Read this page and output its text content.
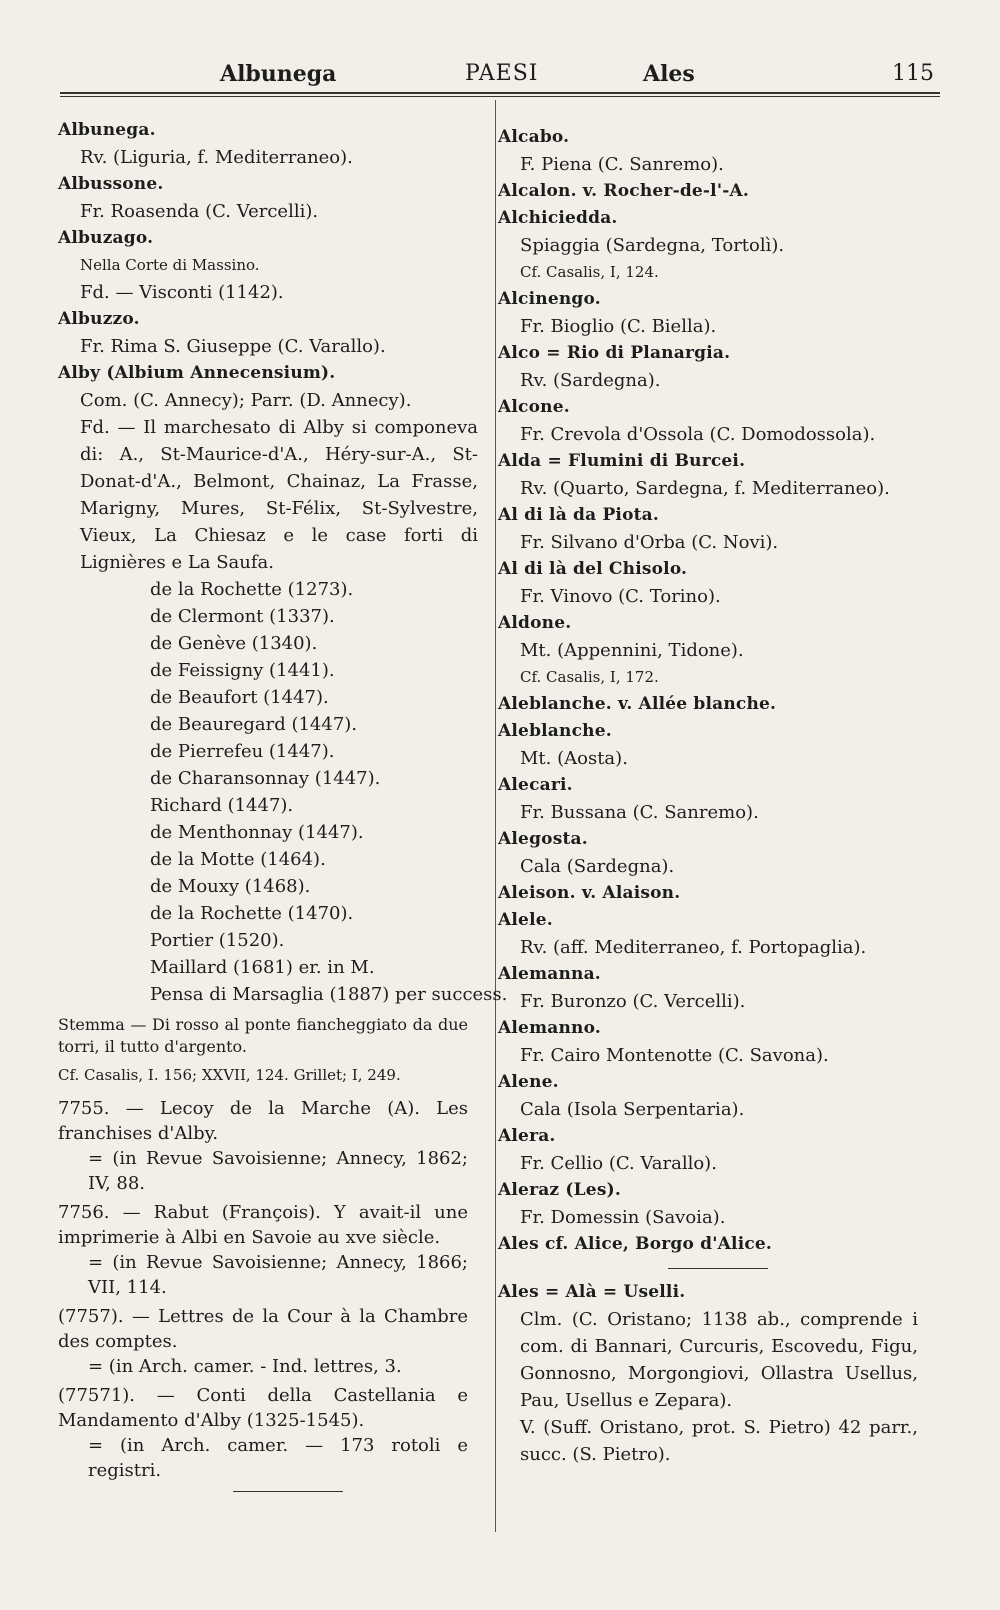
Albunega	PAESI	Ales	115
Albunega.
Rv. (Liguria, f. Mediterraneo).
Albussone.
Fr. Roasenda (C. Vercelli).
Albuzago.
Nella Corte di Massino.
Fd. — Visconti (1142).
Albuzzo.
Fr. Rima S. Giuseppe (C. Varallo).
Alby (Albium Annecensium).
Com. (C. Annecy); Parr. (D. Annecy).
Fd. — Il marchesato di Alby si componeva di: A., St-Maurice-d'A., Héry-sur-A., St-Donat-d'A., Belmont, Chainaz, La Frasse, Marigny, Mures, St-Félix, St-Sylvestre, Vieux, La Chiesaz e le case forti di Lignières e La Saufa.
de la Rochette (1273).
de Clermont (1337).
de Genève (1340).
de Feissigny (1441).
de Beaufort (1447).
de Beauregard (1447).
de Pierrefeu (1447).
de Charansonnay (1447).
Richard (1447).
de Menthonnay (1447).
de la Motte (1464).
de Mouxy (1468).
de la Rochette (1470).
Portier (1520).
Maillard (1681) er. in M.
Pensa di Marsaglia (1887) per success.
Stemma — Di rosso al ponte fiancheggiato da due torri, il tutto d'argento.
Cf. Casalis, I. 156; XXVII, 124. Grillet; I, 249.
7755. — Lecoy de la Marche (A). Les franchises d'Alby.
= (in Revue Savoisienne; Annecy, 1862; IV, 88.
7756. — Rabut (François). Y avait-il une imprimerie à Albi en Savoie au xve siècle.
= (in Revue Savoisienne; Annecy, 1866; VII, 114.
(7757). — Lettres de la Cour à la Chambre des comptes.
= (in Arch. camer. - Ind. lettres, 3.
(77571). — Conti della Castellania e Mandamento d'Alby (1325-1545).
= (in Arch. camer. — 173 rotoli e registri.
Alcabo.
F. Piena (C. Sanremo).
Alcalon. v. Rocher-de-l'-A.
Alchiciedda.
Spiaggia (Sardegna, Tortolì).
Cf. Casalis, I, 124.
Alcinengo.
Fr. Bioglio (C. Biella).
Alco = Rio di Planargia.
Rv. (Sardegna).
Alcone.
Fr. Crevola d'Ossola (C. Domodossola).
Alda = Flumini di Burcei.
Rv. (Quarto, Sardegna, f. Mediterraneo).
Al di là da Piota.
Fr. Silvano d'Orba (C. Novi).
Al di là del Chisolo.
Fr. Vinovo (C. Torino).
Aldone.
Mt. (Appennini, Tidone).
Cf. Casalis, I, 172.
Aleblanche. v. Allée blanche.
Aleblanche.
Mt. (Aosta).
Alecari.
Fr. Bussana (C. Sanremo).
Alegosta.
Cala (Sardegna).
Aleison. v. Alaison.
Alele.
Rv. (aff. Mediterraneo, f. Portopaglia).
Alemanna.
Fr. Buronzo (C. Vercelli).
Alemanno.
Fr. Cairo Montenotte (C. Savona).
Alene.
Cala (Isola Serpentaria).
Alera.
Fr. Cellio (C. Varallo).
Aleraz (Les).
Fr. Domessin (Savoia).
Ales cf. Alice, Borgo d'Alice.
Ales = Alà = Uselli.
Clm. (C. Oristano; 1138 ab., comprende i com. di Bannari, Curcuris, Escovedu, Figu, Gonnosno, Morgongiovi, Ollastra Usellus, Pau, Usellus e Zepara).
V. (Suff. Oristano, prot. S. Pietro) 42 parr., succ. (S. Pietro).
